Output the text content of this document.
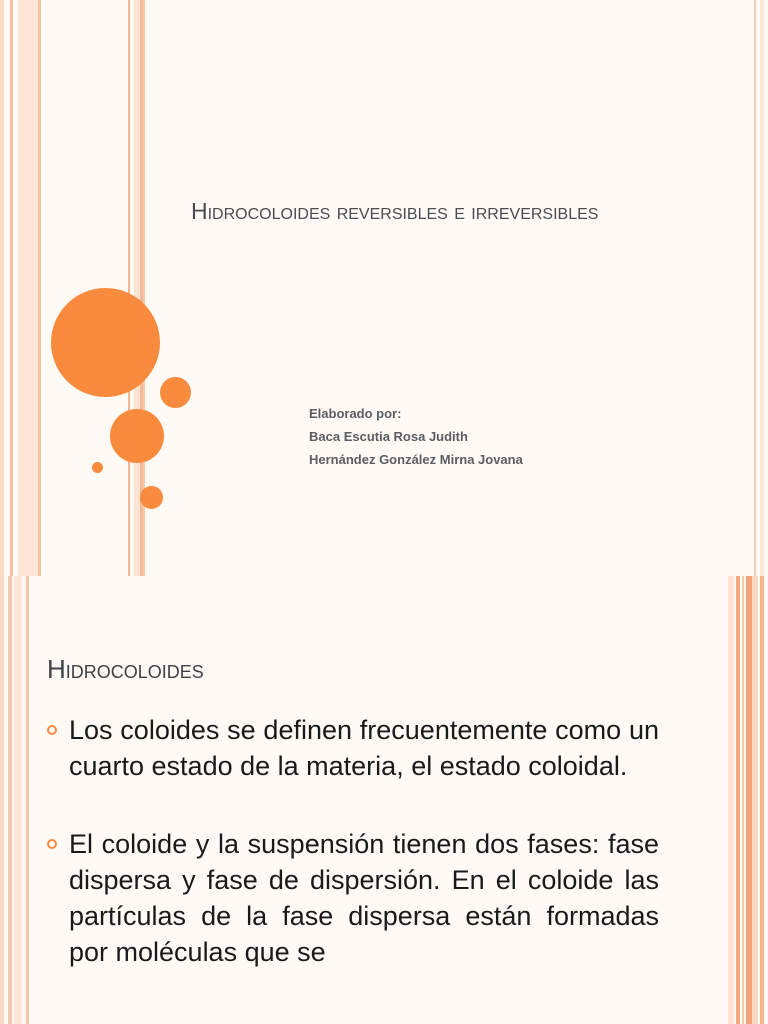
Hidrocoloides reversibles e irreversibles
Elaborado por:
Baca Escutia Rosa Judith
Hernández González Mirna Jovana
Hidrocoloides
Los coloides se definen frecuentemente como un cuarto estado de la materia, el estado coloidal.
El coloide y la suspensión tienen dos fases: fase dispersa y fase de dispersión. En el coloide las partículas de la fase dispersa están formadas por moléculas que se
